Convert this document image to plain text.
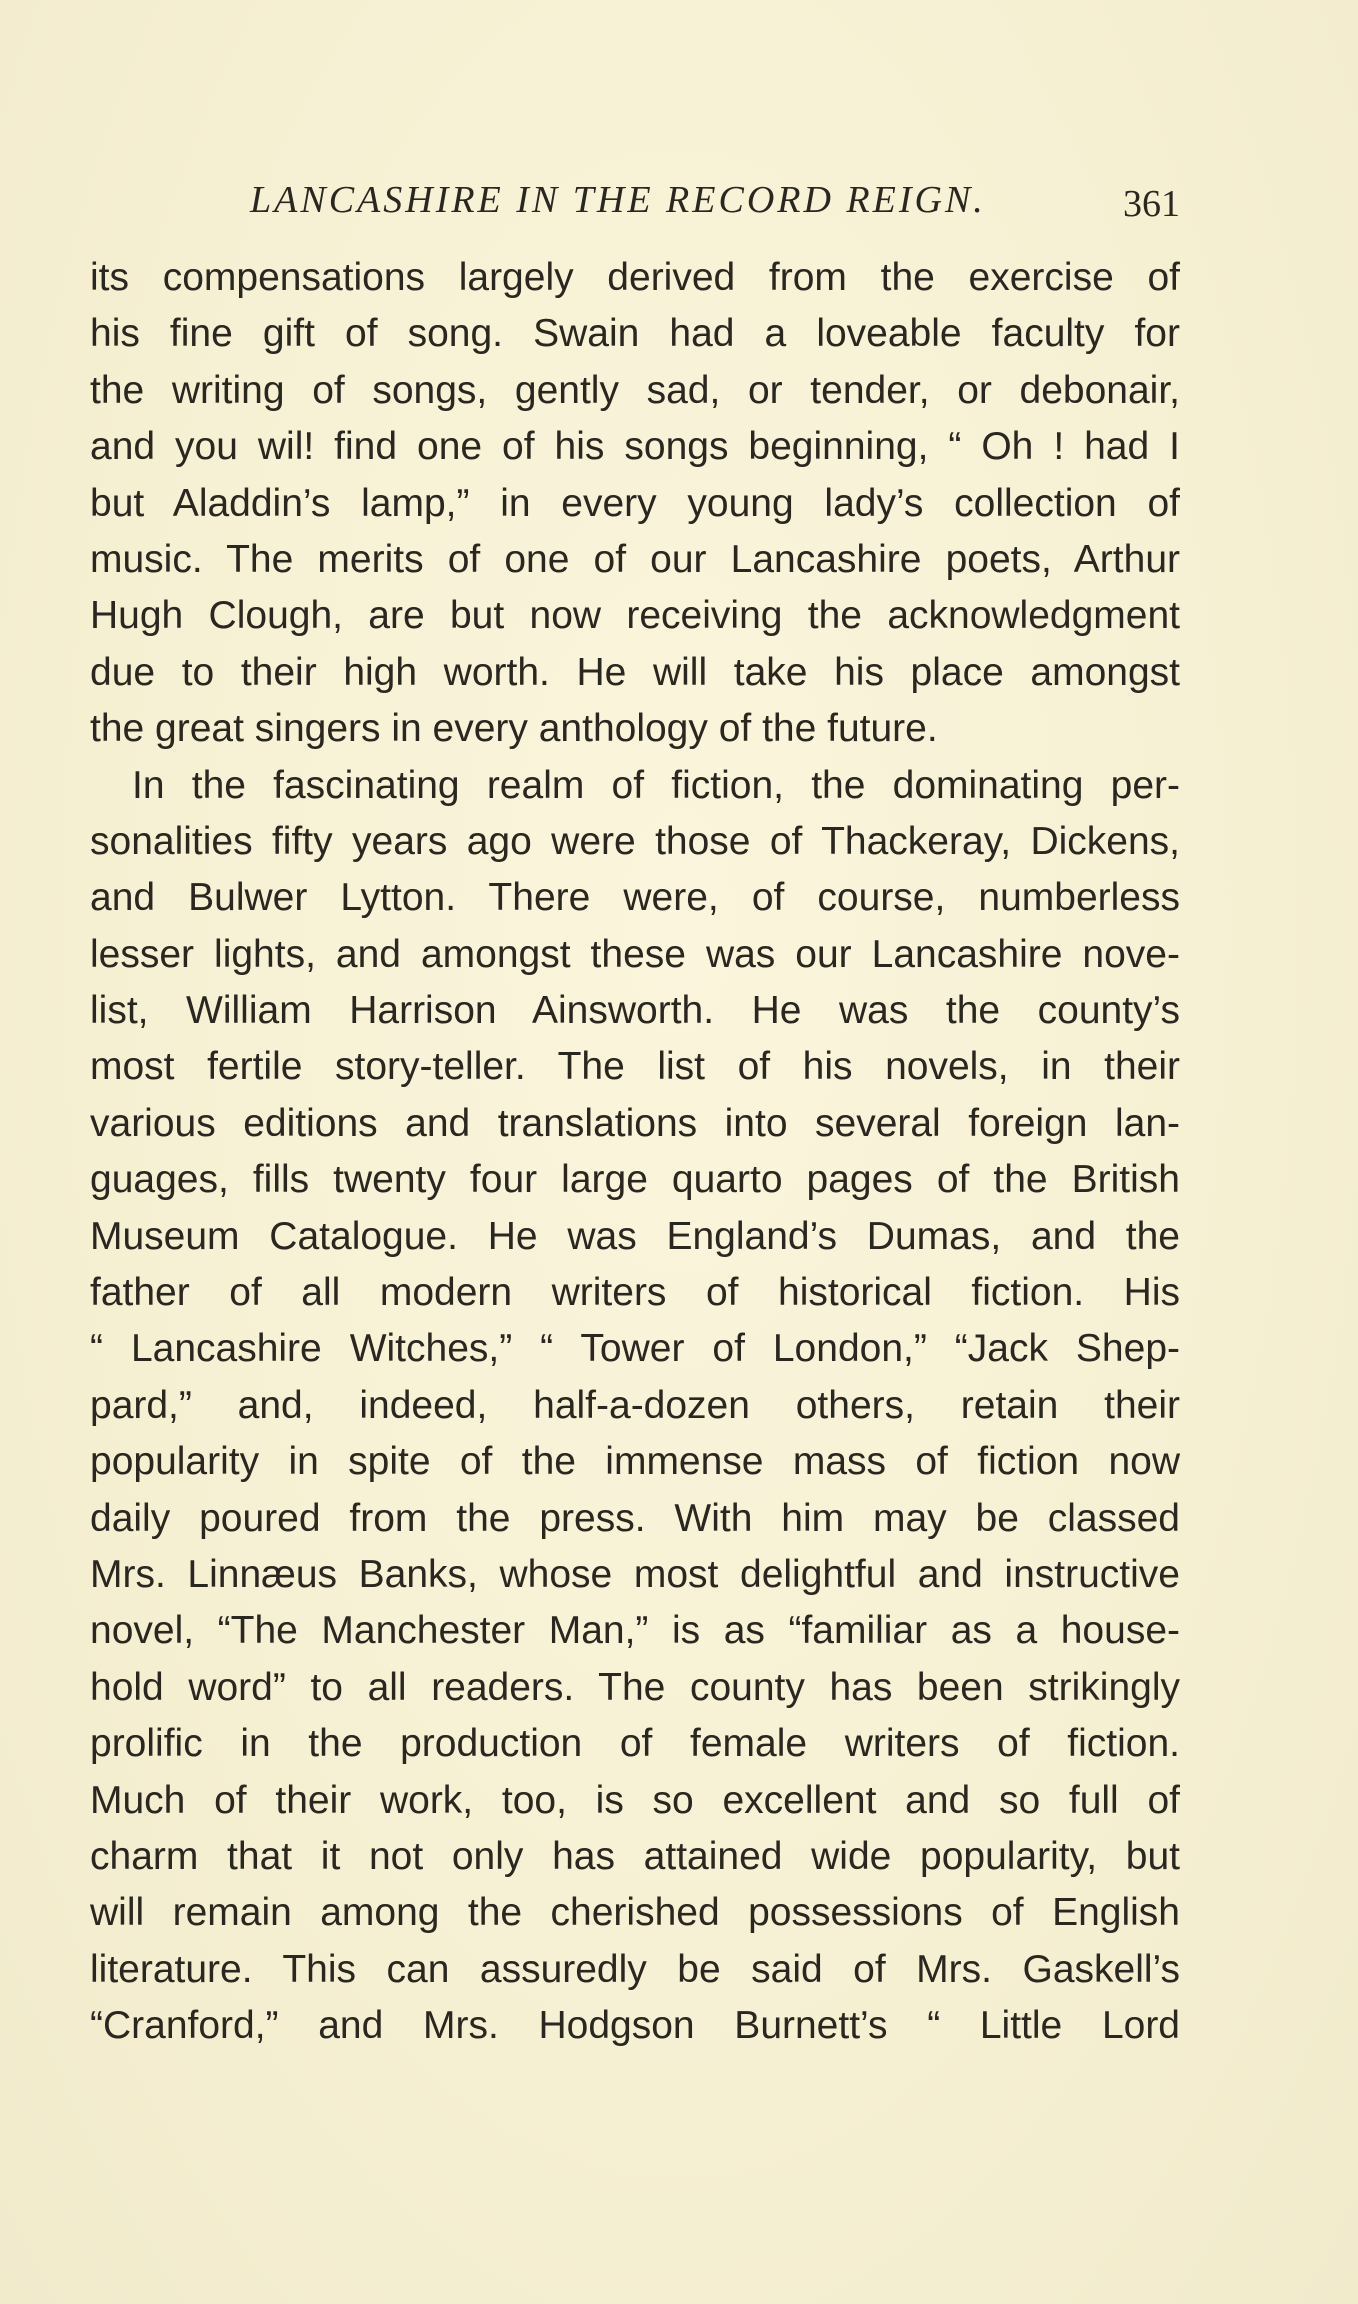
LANCASHIRE IN THE RECORD REIGN.	361
its compensations largely derived from the exercise of
his fine gift of song. Swain had a loveable faculty for
the writing of songs, gently sad, or tender, or debonair,
and you wil! find one of his songs beginning, “ Oh ! had I
but Aladdin’s lamp,” in every young lady’s collection of
music. The merits of one of our Lancashire poets, Arthur
Hugh Clough, are but now receiving the acknowledgment
due to their high worth. He will take his place amongst
the great singers in every anthology of the future.
In the fascinating realm of fiction, the dominating per-
sonalities fifty years ago were those of Thackeray, Dickens,
and Bulwer Lytton. There were, of course, numberless
lesser lights, and amongst these was our Lancashire nove-
list, William Harrison Ainsworth. He was the county’s
most fertile story-teller. The list of his novels, in their
various editions and translations into several foreign lan-
guages, fills twenty four large quarto pages of the British
Museum Catalogue. He was England’s Dumas, and the
father of all modern writers of historical fiction. His
“ Lancashire Witches,” “ Tower of London,” “Jack Shep-
pard,” and, indeed, half-a-dozen others, retain their
popularity in spite of the immense mass of fiction now
daily poured from the press. With him may be classed
Mrs. Linnæus Banks, whose most delightful and instructive
novel, “The Manchester Man,” is as “familiar as a house-
hold word” to all readers. The county has been strikingly
prolific in the production of female writers of fiction.
Much of their work, too, is so excellent and so full of
charm that it not only has attained wide popularity, but
will remain among the cherished possessions of English
literature. This can assuredly be said of Mrs. Gaskell’s
“Cranford,” and Mrs. Hodgson Burnett’s “ Little Lord
